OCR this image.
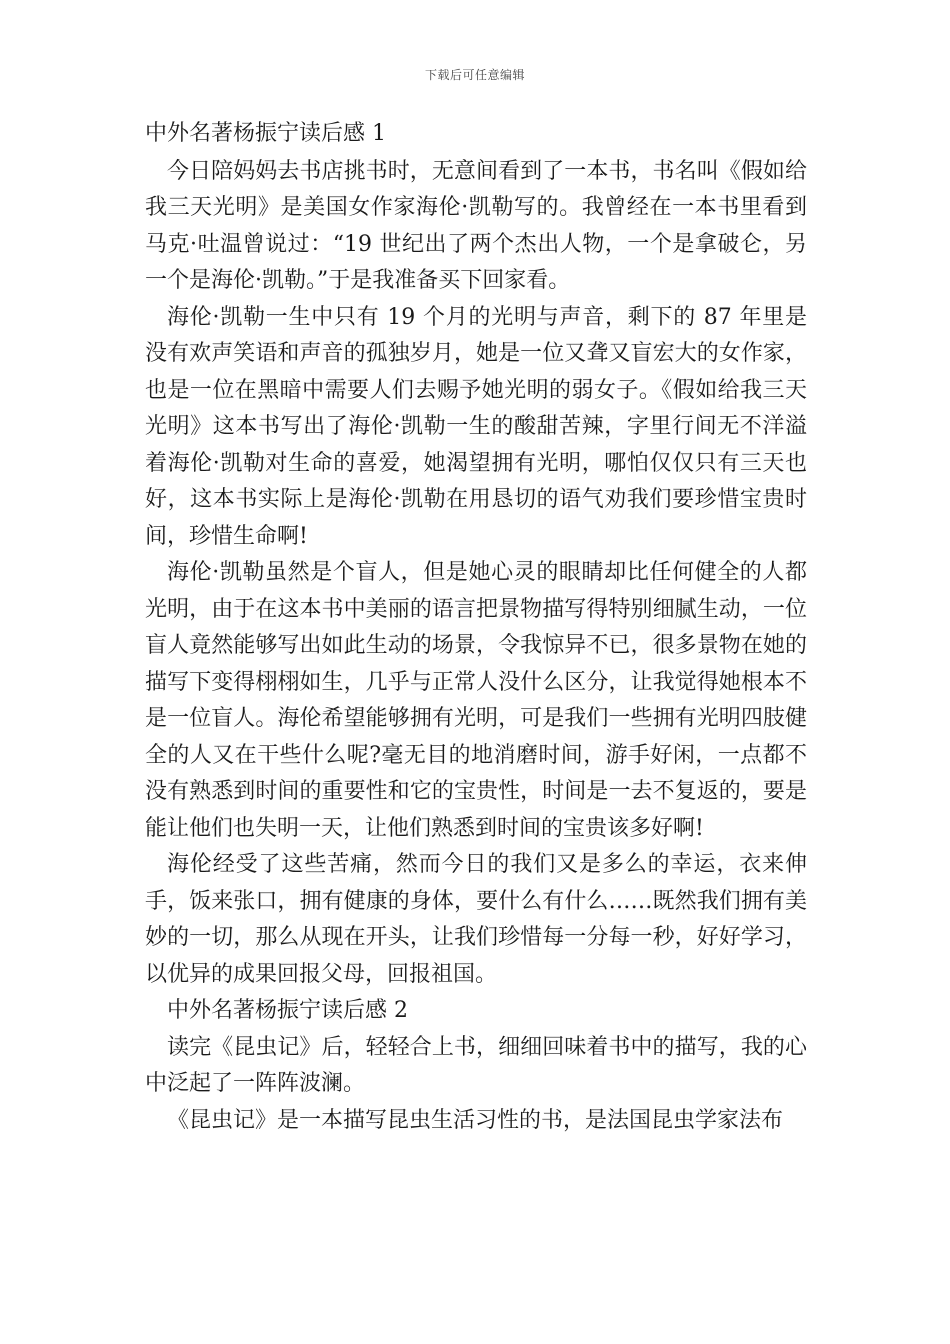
下载后可任意编辑

中外名著杨振宁读后感 1

今日陪妈妈去书店挑书时，无意间看到了一本书，书名叫《假如给我三天光明》是美国女作家海伦·凯勒写的。我曾经在一本书里看到马克·吐温曾说过：“19 世纪出了两个杰出人物，一个是拿破仑，另一个是海伦·凯勒。”于是我准备买下回家看。

海伦·凯勒一生中只有 19 个月的光明与声音，剩下的 87 年里是没有欢声笑语和声音的孤独岁月，她是一位又聋又盲宏大的女作家，也是一位在黑暗中需要人们去赐予她光明的弱女子。《假如给我三天光明》这本书写出了海伦·凯勒一生的酸甜苦辣，字里行间无不洋溢着海伦·凯勒对生命的喜爱，她渴望拥有光明，哪怕仅仅只有三天也好，这本书实际上是海伦·凯勒在用恳切的语气劝我们要珍惜宝贵时间，珍惜生命啊!

海伦·凯勒虽然是个盲人，但是她心灵的眼睛却比任何健全的人都光明，由于在这本书中美丽的语言把景物描写得特别细腻生动，一位盲人竟然能够写出如此生动的场景，令我惊异不已，很多景物在她的描写下变得栩栩如生，几乎与正常人没什么区分，让我觉得她根本不是一位盲人。海伦希望能够拥有光明，可是我们一些拥有光明四肢健全的人又在干些什么呢?毫无目的地消磨时间，游手好闲，一点都不没有熟悉到时间的重要性和它的宝贵性，时间是一去不复返的，要是能让他们也失明一天，让他们熟悉到时间的宝贵该多好啊!

海伦经受了这些苦痛，然而今日的我们又是多么的幸运，衣来伸手，饭来张口，拥有健康的身体，要什么有什么……既然我们拥有美妙的一切，那么从现在开头，让我们珍惜每一分每一秒，好好学习，以优异的成果回报父母，回报祖国。

中外名著杨振宁读后感 2

读完《昆虫记》后，轻轻合上书，细细回味着书中的描写，我的心中泛起了一阵阵波澜。

《昆虫记》是一本描写昆虫生活习性的书，是法国昆虫学家法布
